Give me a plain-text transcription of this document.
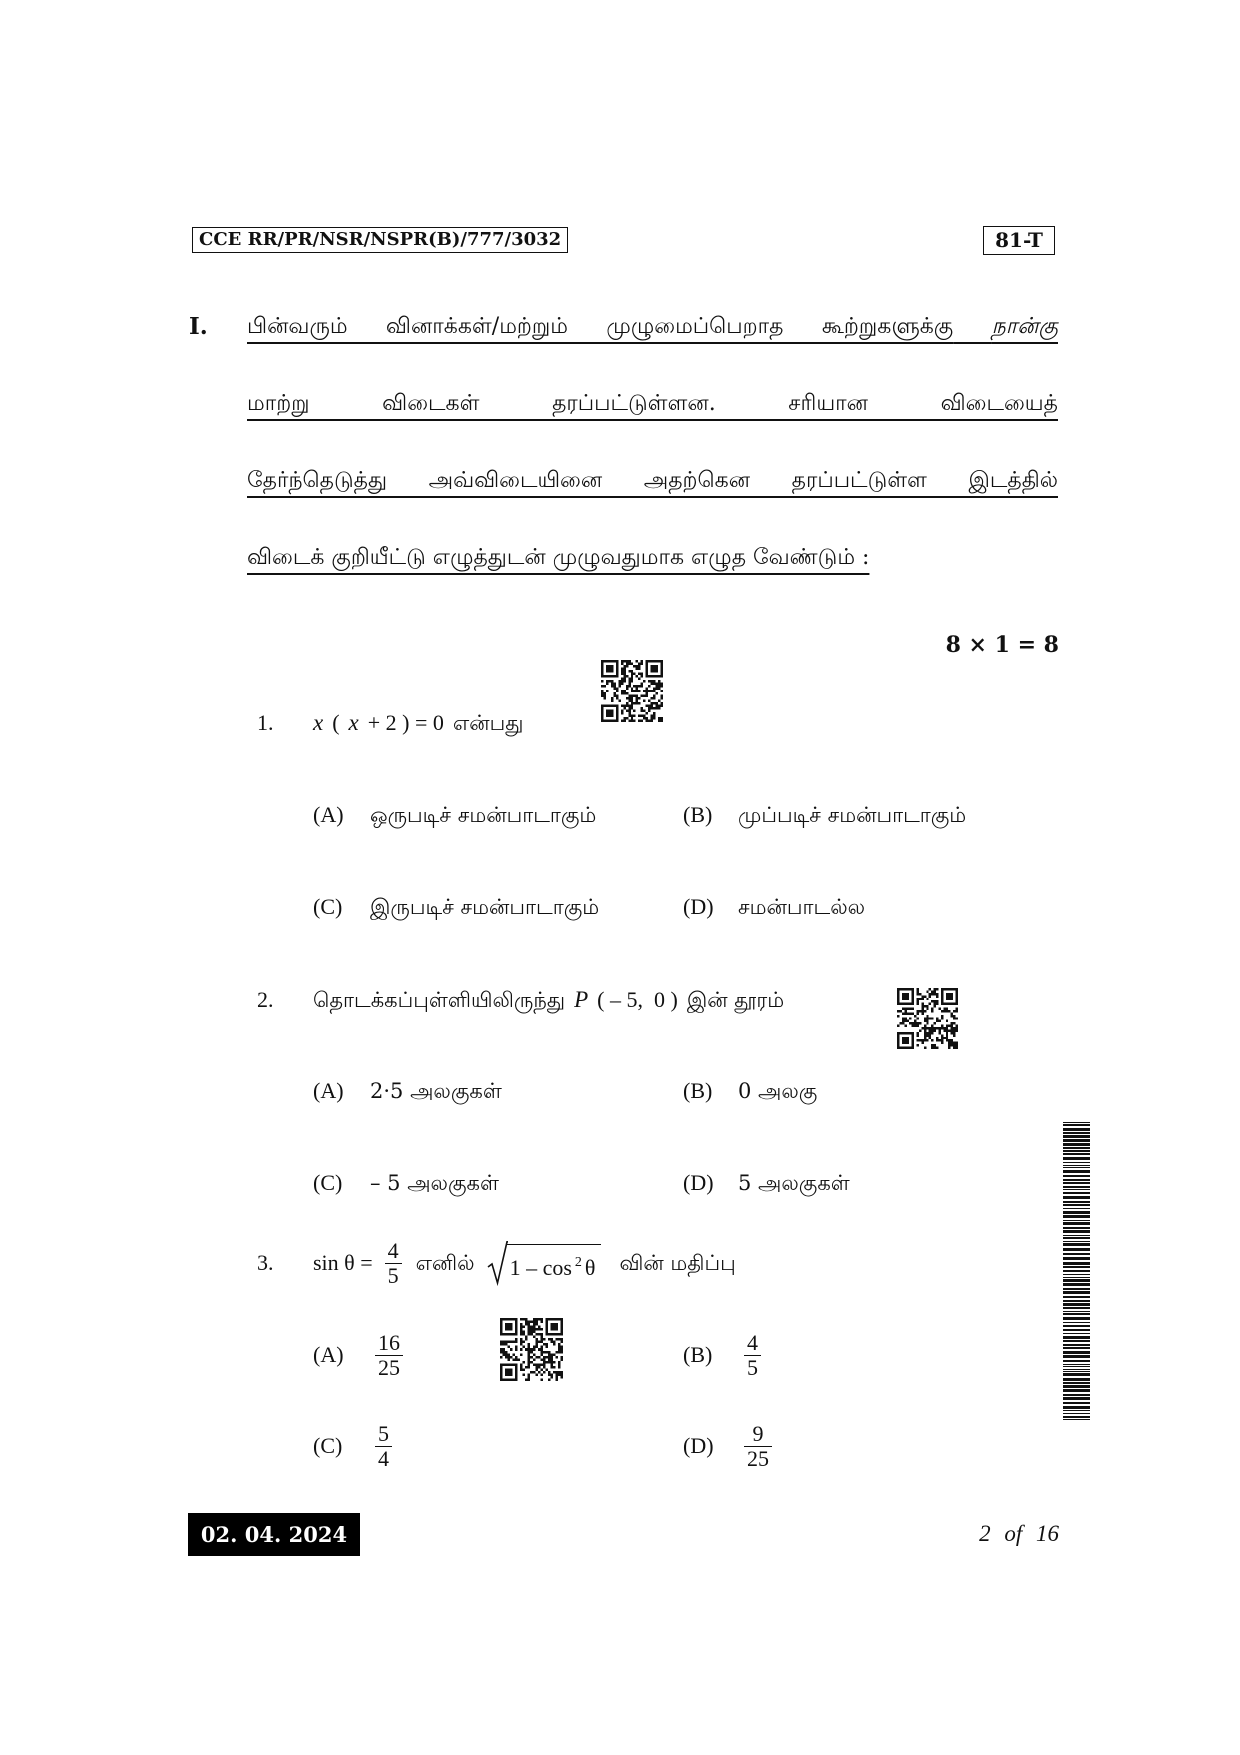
CCE RR/PR/NSR/NSPR(B)/777/3032	81-T
I. பின்வரும் வினாக்கள்/மற்றும் முழுமைப்பெறாத கூற்றுகளுக்கு நான்கு
மாற்று விடைகள் தரப்பட்டுள்ளன. சரியான விடையைத்
தேர்ந்தெடுத்து அவ்விடையினை அதற்கென தரப்பட்டுள்ள இடத்தில்
விடைக் குறியீட்டு எழுத்துடன் முழுவதுமாக எழுத வேண்டும் :
8 × 1 = 8
1. x ( x + 2 ) = 0 என்பது
(A) ஒருபடிச் சமன்பாடாகும்	(B) முப்படிச் சமன்பாடாகும்
(C) இருபடிச் சமன்பாடாகும்	(D) சமன்பாடல்ல
2. தொடக்கப்புள்ளியிலிருந்து P ( – 5,  0 ) இன் தூரம்
(A) 2·5 அலகுகள்	(B) 0 அலகு
(C) – 5 அலகுகள்	(D) 5 அலகுகள்
3. $\sin \theta = \frac{4}{5}$ எனில்	1 – cos $^2$ θ வின் மதிப்பு
(A)	$\frac{16}{25}$	(B)	$\frac{4}{5}$
(C)	$\frac{5}{4}$	(D)	$\frac{9}{25}$
02. 04. 2024	2 of 16
